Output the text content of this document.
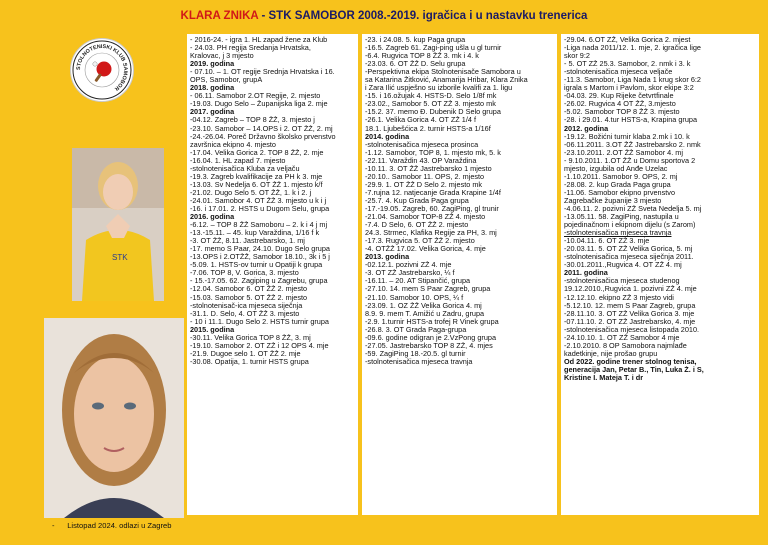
KLARA ZNIKA - STK SAMOBOR 2008.-2019. igračica i u nastavku trenerica
STOLNOTENISKI KLUB SAMOBOR
STK
- 2016-24. - igra 1. HL zapad žene za Klub
- 24.03. PH regija Sredanja Hrvatska,
Kralovac, j 3 mjesto
2019. godina
- 07.10. – 1. OT regije Srednja Hrvatska i 16.
OPS, Samobor, grupA
2018. godina
- 06.11. Samobor 2.OT Regije, 2. mjesto
-19.03. Dugo Selo – Županijska liga 2. mje
2017. godina
-04.12. Zagreb – TOP 8 ŽŽ, 3. mjesto j
-23.10. Samobor – 14.OPS i 2. OT ŽŽ, 2. mj
-24.-26.04. Poreč Državno školsko prvenstvo
završnica ekipno 4. mjesto
-17.04. Velika Gorica 2. TOP 8 ŽŽ, 2. mje
-16.04. 1. HL zapad 7. mjesto
-stolnotenisačica Kluba za veljaču
-19.3. Zagreb kvalifikacije za PH k 3. mje
-13.03. Sv Nedelja 6. OT ŽŽ 1. mjesto k/f
-21.02. Dugo Selo 5. OT ŽŽ, 1. k i 2. j
-24.01. Samobor 4. OT ŽŽ 3. mjesto u k i j
-16. i 17.01. 2. HSTS u Dugom Selu, grupa
2016. godina
-6.12. – TOP 8 ŽŽ Samoboru – 2. k i 4 j mj
-13.-15.11. – 45. kup Varaždina, 1/16 f k
-3. OT ŽŽ, 8.11. Jastrebarsko, 1. mj
-17. memo S Paar, 24.10. Dugo Selo grupa
-13.OPS i 2.OTŽŽ, Samobor 18.10., 3k i 5 j
-5.09. 1. HSTS-ov turnir u Opatiji k grupa
-7.06. TOP 8, V. Gorica, 3. mjesto
- 15.-17.05. 62. Zagiping u Zagrebu, grupa
-12.04. Samobor 6. OT ŽŽ 2. mjesto
-15.03. Samobor 5. OT ŽŽ 2. mjesto
-stolnotenisač-ica mjeseca siječnja
-31.1. D. Selo, 4. OT ŽŽ 3. mjesto
- 10 i 11.1. Dugo Selo 2. HSTS turnir grupa
2015. godina
-30.11. Velika Gorica TOP 8 ŽŽ, 3. mj
-19.10. Samobor 2. OT ZŽ i 12 OPS 4. mje
-21.9. Dugoe selo 1. OT ŽŽ 2. mje
-30.08. Opatija, 1. turnir HSTS grupa
-23. i 24.08. 5. kup Paga grupa
-16.5. Zagreb 61. Zagi-ping ušla u gl turnir
-6.4. Rugvica TOP 8 ŽŽ 3. mk i 4. k
-23.03. 6. OT ŽŽ D. Selu grupa
-Perspektivna ekipa Stolnotenisače Samobora u
sa Katarina Žitković, Anamarija Hribar, Klara Znika
i Zara Ilić uspješno su izborile kvalifi za 1. ligu
-15. i 16.ožujak 4. HSTS-D. Selo 1/8f mk
-23.02., Samobor 5. OT ZŽ 3. mjesto mk
-15.2. 37. memo Đ. Dubenik D Selo grupa
-26.1. Velika Gorica 4. OT ZŽ 1/4 f
18.1. Ljubešćica 2. turnir HSTS-a 1/16f
2014. godina
-stolnotenisačica mjeseca prosinca
-1.12. Samobor, TOP 8, 1. mjesto mk, 5. k
-22.11. Varaždin 43. OP Varaždina
-10.11. 3. OT ŽŽ Jastrebarsko 1 mjesto
-20.10.. Samobor 11. OPS, 2. mjesto
-29.9. 1. OT ŽŽ D Selo 2. mjesto mk
-7.rujna 12. natjecanje Grada Krapine 1/4f
-25.7. 4. Kup Grada Paga grupa
-17.-19.05. Zagreb, 60. ZagiPing, gl trunir
-21.04. Samobor TOP-8 ZŽ 4. mjesto
-7.4. D Selo, 6. OT ŽŽ 2. mjesto
24.3. Strmec, Klafika Regije za PH, 3. mj
-17.3. Rugvica 5. OT ŽŽ 2. mjesto
-4. OTŽŽ 17.02. Velika Gorica, 4. mje
2013. godina
-02.12.1. pozivni ZŽ 4. mje
-3. OT ZŽ Jastrebarsko, ¼ f
-16.11. – 20. AT Stipančić, grupa
-27.10. 14. mem S Paar Zagreb, grupa
-21.10. Samobor 10. OPS, ¼ f
-23.09. 1. OZ ŽŽ Velika Gorica 4. mj
8.9. 9. mem T. Amižić u Zadru, grupa
-2.9. 1.turnir HSTS-a trofej R Vinek grupa
-26.8. 3. OT Grada Paga-grupa
-09.6. godine odigran je 2.VzPong grupa
-27.05. Jastrebarsko TOP 8 ZŽ, 4. mjes
-59. ZagiPing 18.-20.5. gl turnir
-stolnotenisačica mjeseca travnja
-29.04. 6.OT ZŽ, Velika Gorica 2. mjest
-Liga nada 2011/12. 1. mje, 2. igračica lige
skor 9:2
- 5. OT ZŽ 25.3. Samobor, 2. nmk i 3. k
-stolnotenisačica mjeseca veljače
-11.3. Samobor, Liga Nada 1 krug skor 6:2
igrala s Martom i Pavlom, skor ekipe 3:2
-04.03. 29. Kup Rijeke četvrtfinale
-26.02. Rugvica 4 OT ŽŽ, 3.mjesto
-5.02. Samobor TOP 8 ŽŽ 3. mjesto
-28. i 29.01. 4.tur HSTS-a, Krapina grupa
2012. godina
-19.12. Božićni turnir klaba 2.mk i 10. k
-06.11.2011. 3.OT ŽŽ Jastrebarsko 2. nmk
-23.10.2011. 2.OT ŽŽ Samobor 4. mj
- 9.10.2011. 1.OT ŽŽ u Domu sportova 2
mjesto, izgubila od Anđe Uzelac
-1.10.2011. Samobor 9. OPS, 2. mj
-28.08. 2. kup Grada Paga grupa
-11.06. Samobor ekipno prvenstvo
Zagrebačke županije 3 mjesto
-4.06.11. 2. pozivni ZŽ Sveta Nedelja 5. mj
-13.05.11. 58. ZagiPing, nastupila u
pojedinačnom i ekipnom dijelu (s Zarom)
-stolnotenisačica mjeseca travnja
-10.04.11. 6. OT ZŽ 3. mje
-20.03.11. 5. OT ZŽ Velika Gorica, 5. mj
-stolnotenisačica mjeseca siječnja 2011.
-30.01.2011.,Rugvica 4. OT ZŽ 4. mj
2011. godina
-stolnotenisačica mjeseca studenog
19.12.2010.,Rugvica 1. pozivni ZŽ 4. mje
-12.12.10. ekipno ZŽ 3 mjesto vidi
-5.12.10. 12. mem S Paar Zagreb, grupa
-28.11.10. 3. OT ZŽ Velika Gorica 3. mje
-07.11.10. 2. OT ZŽ Jastrebarsko, 4. mje
-stolnotenisačica mjeseca listopada 2010.
-24.10.10. 1. OT ZŽ Samobor 4 mje
-2.10.2010. 8 OP Samobora najmlađe
kadetkinje, nije prošao grupu
Od 2022. godine trener stolnog tenisa,
generacija Jan, Petar B., Tin, Luka Ž. i S,
Kristine I. Mateja T. i dr
- Listopad 2024. odlazi u Zagreb
